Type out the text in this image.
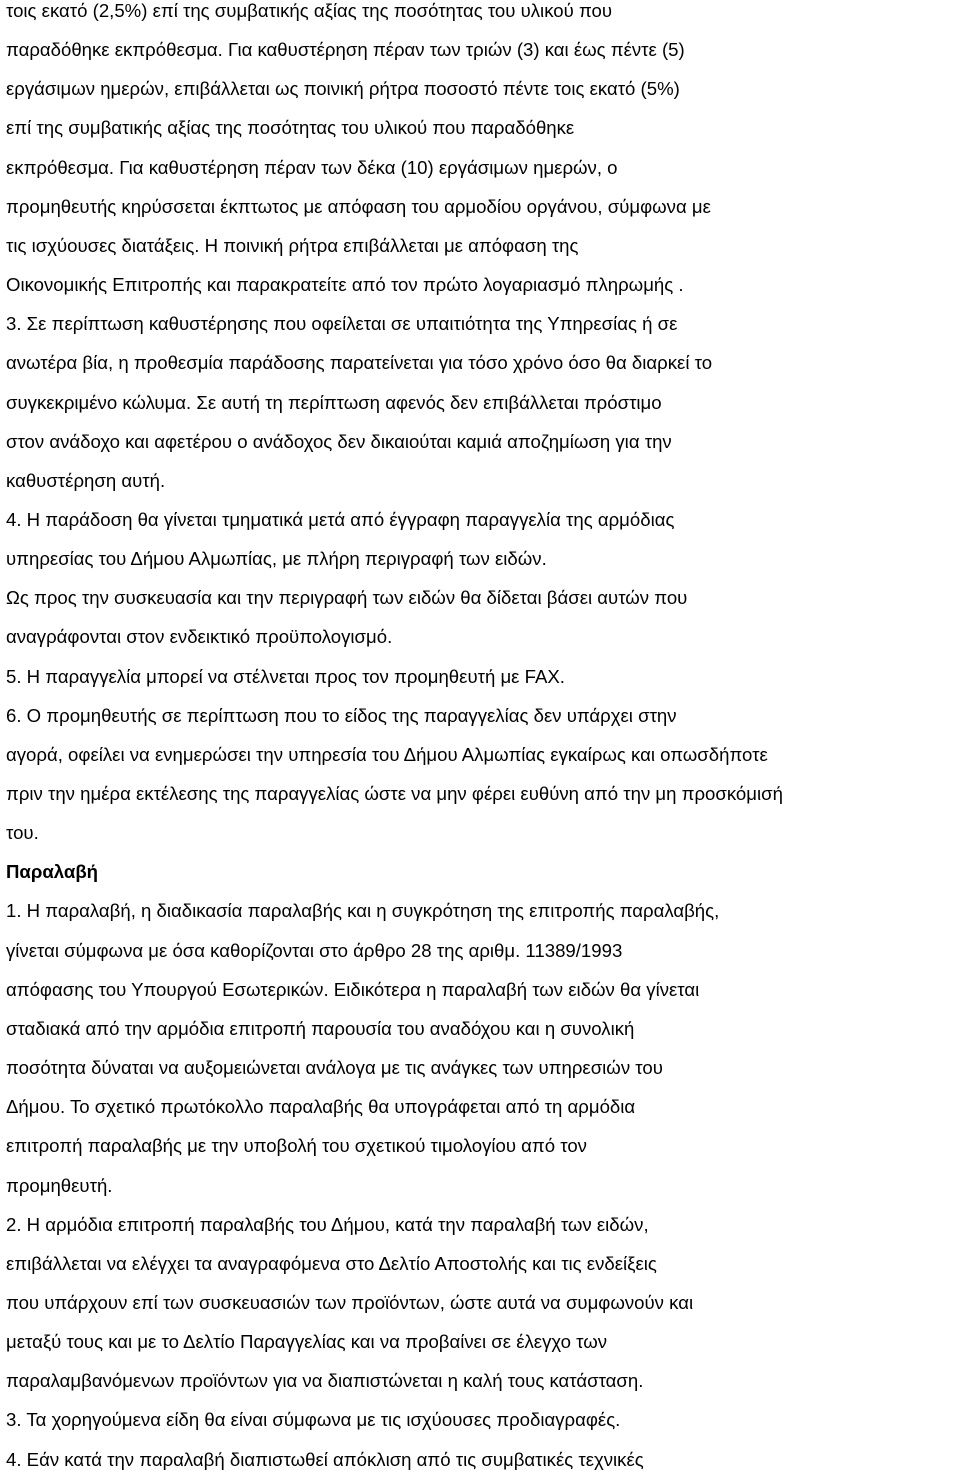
τοις εκατό (2,5%) επί της συμβατικής αξίας της ποσότητας του υλικού που
παραδόθηκε εκπρόθεσμα. Για καθυστέρηση πέραν των τριών (3) και έως πέντε (5)
εργάσιμων ημερών, επιβάλλεται ως ποινική ρήτρα ποσοστό πέντε τοις εκατό (5%)
επί της συμβατικής αξίας της ποσότητας του υλικού που παραδόθηκε
εκπρόθεσμα. Για καθυστέρηση πέραν των δέκα (10) εργάσιμων ημερών, ο
προμηθευτής κηρύσσεται έκπτωτος με απόφαση του αρμοδίου οργάνου, σύμφωνα με
τις ισχύουσες διατάξεις. Η ποινική ρήτρα επιβάλλεται με απόφαση της
Οικονομικής Επιτροπής και παρακρατείτε από τον πρώτο λογαριασμό πληρωμής .
3. Σε περίπτωση καθυστέρησης που οφείλεται σε υπαιτιότητα της Υπηρεσίας ή σε
ανωτέρα βία, η προθεσμία παράδοσης παρατείνεται για τόσο χρόνο όσο θα διαρκεί το
συγκεκριμένο κώλυμα. Σε αυτή τη περίπτωση αφενός δεν επιβάλλεται πρόστιμο
στον ανάδοχο και αφετέρου ο ανάδοχος δεν δικαιούται καμιά αποζημίωση για την
καθυστέρηση αυτή.
4. Η παράδοση θα γίνεται τμηματικά μετά από έγγραφη παραγγελία της αρμόδιας
υπηρεσίας του Δήμου Αλμωπίας, με πλήρη περιγραφή των ειδών.
Ως προς την συσκευασία και την περιγραφή των ειδών θα δίδεται βάσει αυτών που
αναγράφονται στον ενδεικτικό προϋπολογισμό.
5. Η παραγγελία μπορεί να στέλνεται προς τον προμηθευτή με FAX.
6. Ο προμηθευτής σε περίπτωση που το είδος της παραγγελίας δεν υπάρχει στην
αγορά, οφείλει να ενημερώσει την υπηρεσία του Δήμου Αλμωπίας εγκαίρως και οπωσδήποτε
πριν την ημέρα εκτέλεσης της παραγγελίας ώστε να μην φέρει ευθύνη από την μη προσκόμισή
του.
Παραλαβή
1. Η παραλαβή, η διαδικασία παραλαβής και η συγκρότηση της επιτροπής παραλαβής,
γίνεται σύμφωνα με όσα καθορίζονται στο άρθρο 28 της αριθμ. 11389/1993
απόφασης του Υπουργού Εσωτερικών. Ειδικότερα η παραλαβή των ειδών θα γίνεται
σταδιακά από την αρμόδια επιτροπή παρουσία του αναδόχου και η συνολική
ποσότητα δύναται να αυξομειώνεται ανάλογα με τις ανάγκες των υπηρεσιών του
Δήμου. Το σχετικό πρωτόκολλο παραλαβής θα υπογράφεται από τη αρμόδια
επιτροπή παραλαβής με την υποβολή του σχετικού τιμολογίου από τον
προμηθευτή.
2. Η αρμόδια επιτροπή παραλαβής του Δήμου, κατά την παραλαβή των ειδών,
επιβάλλεται να ελέγχει τα αναγραφόμενα στο Δελτίο Αποστολής και τις ενδείξεις
που υπάρχουν επί των συσκευασιών των προϊόντων, ώστε αυτά να συμφωνούν και
μεταξύ τους και με το Δελτίο Παραγγελίας και να προβαίνει σε έλεγχο των
παραλαμβανόμενων προϊόντων για να διαπιστώνεται η καλή τους κατάσταση.
3. Τα χορηγούμενα είδη θα είναι σύμφωνα με τις ισχύουσες προδιαγραφές.
4. Εάν κατά την παραλαβή διαπιστωθεί απόκλιση από τις συμβατικές τεχνικές
